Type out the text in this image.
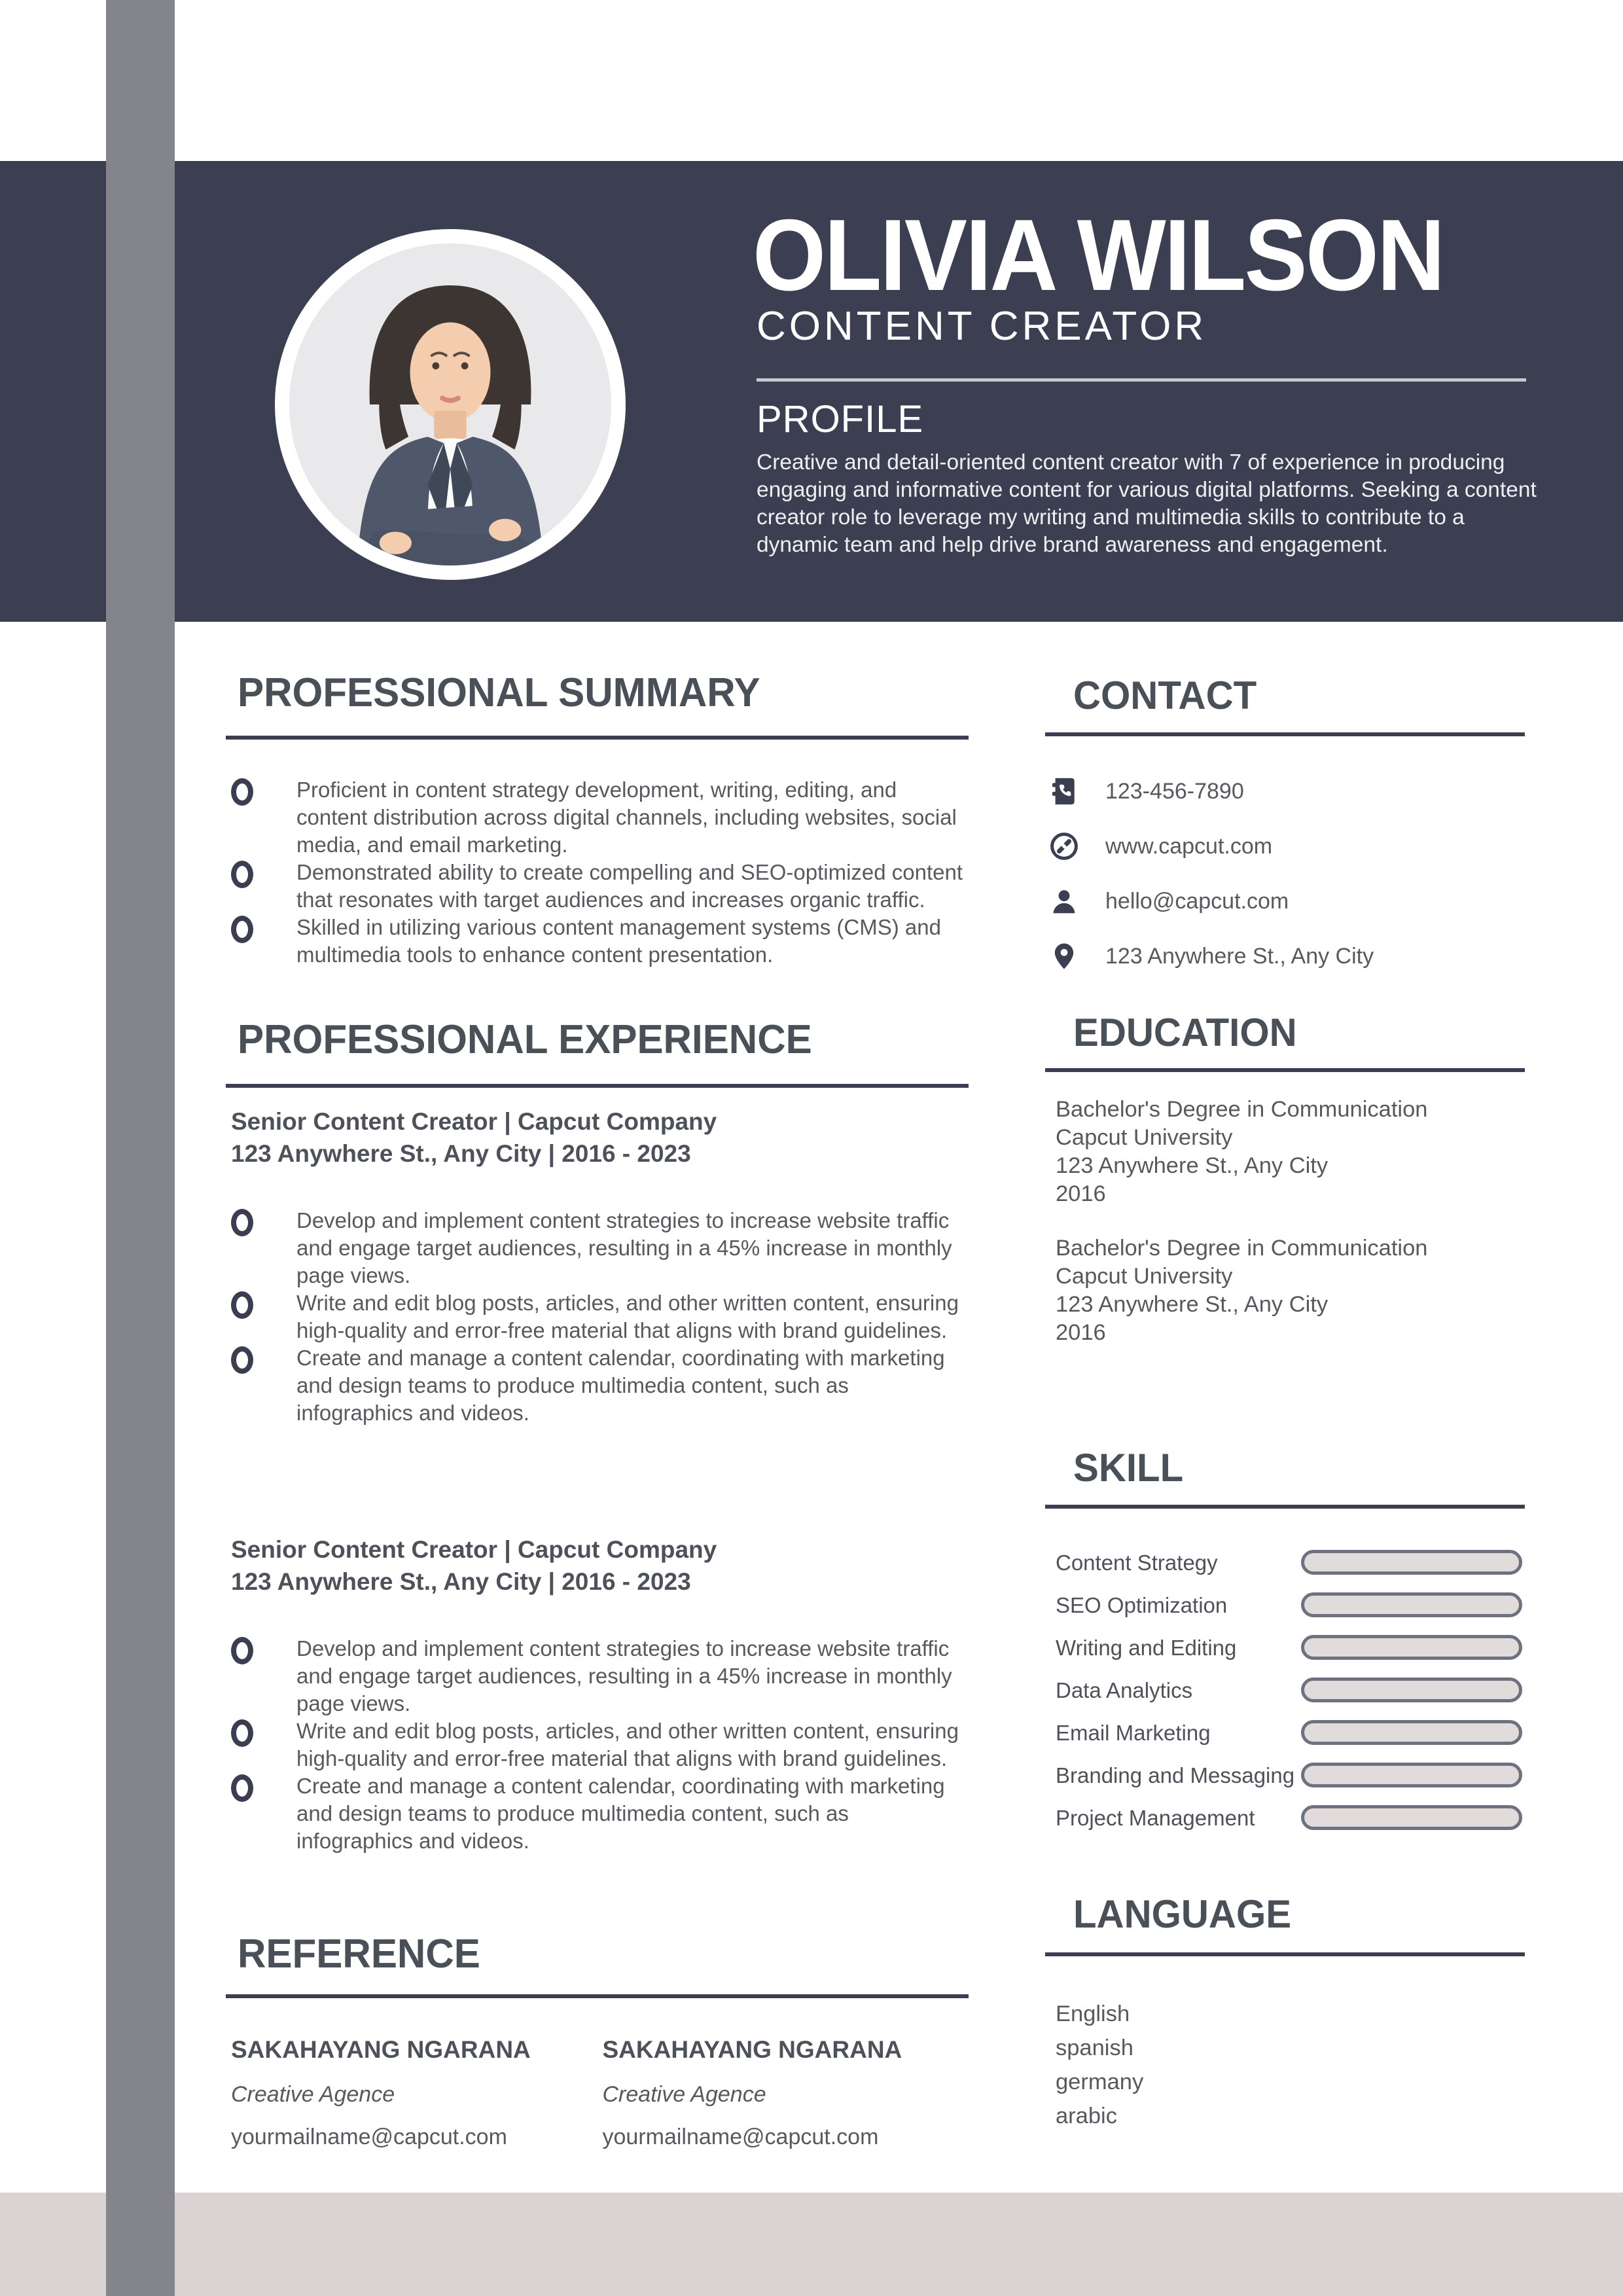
OLIVIA WILSON
CONTENT CREATOR
PROFILE
Creative and detail-oriented content creator with 7 of experience in producing engaging and informative content for various digital platforms. Seeking a content creator role to leverage my writing and multimedia skills to contribute to a dynamic team and help drive brand awareness and engagement.
PROFESSIONAL SUMMARY
Proficient in content strategy development, writing, editing, and content distribution across digital channels, including websites, social media, and email marketing.
Demonstrated ability to create compelling and SEO-optimized content that resonates with target audiences and increases organic traffic.
Skilled in utilizing various content management systems (CMS) and multimedia tools to enhance content presentation.
PROFESSIONAL EXPERIENCE

Senior Content Creator | Capcut Company

123 Anywhere St., Any City | 2016 - 2023

Develop and implement content strategies to increase website traffic and engage target audiences, resulting in a 45% increase in monthly page views.
Write and edit blog posts, articles, and other written content, ensuring high-quality and error-free material that aligns with brand guidelines.
Create and manage a content calendar, coordinating with marketing and design teams to produce multimedia content, such as infographics and videos.

Senior Content Creator | Capcut Company

123 Anywhere St., Any City | 2016 - 2023

Develop and implement content strategies to increase website traffic and engage target audiences, resulting in a 45% increase in monthly page views.
Write and edit blog posts, articles, and other written content, ensuring high-quality and error-free material that aligns with brand guidelines.
Create and manage a content calendar, coordinating with marketing and design teams to produce multimedia content, such as infographics and videos.
REFERENCE

SAKAHAYANG NGARANA

Creative Agence

yourmailname@capcut.com

SAKAHAYANG NGARANA

Creative Agence

yourmailname@capcut.com

CONTACT
123-456-7890
www.capcut.com
hello@capcut.com
123 Anywhere St., Any City
EDUCATION
Bachelor's Degree in Communication
Capcut University
123 Anywhere St., Any City
2016
Bachelor's Degree in Communication
Capcut University
123 Anywhere St., Any City
2016
SKILL
Content Strategy
SEO Optimization
Writing and Editing
Data Analytics
Email Marketing
Branding and Messaging
Project Management
LANGUAGE
English
spanish
germany
arabic
